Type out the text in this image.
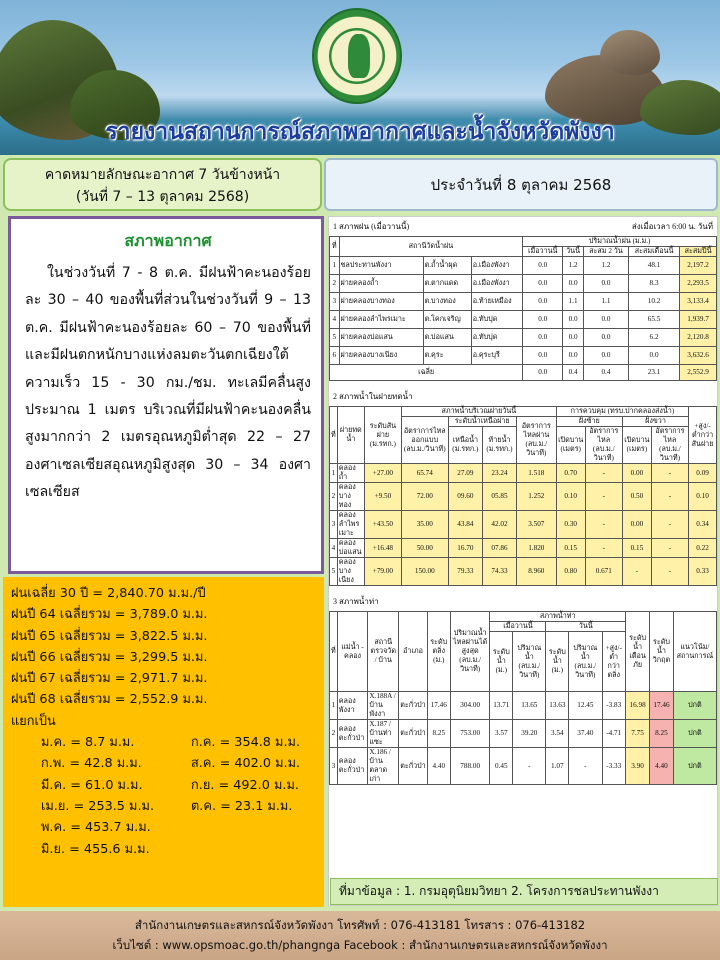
รายงานสถานการณ์สภาพอากาศและน้ำจังหวัดพังงา
คาดหมายลักษณะอากาศ 7 วันข้างหน้า
(วันที่ 7 – 13 ตุลาคม 2568)
ประจำวันที่ 8 ตุลาคม 2568
สภาพอากาศ
ในช่วงวันที่ 7 - 8 ต.ค. มีฝนฟ้าคะนองร้อยละ 30 – 40 ของพื้นที่ส่วนในช่วงวันที่ 9 – 13 ต.ค. มีฝนฟ้าคะนองร้อยละ 60 – 70 ของพื้นที่ และมีฝนตกหนักบางแห่งลมตะวันตกเฉียงใต้ ความเร็ว 15 - 30 กม./ชม. ทะเลมีคลื่นสูงประมาณ 1 เมตร บริเวณที่มีฝนฟ้าคะนองคลื่นสูงมากกว่า 2 เมตรอุณหภูมิต่ำสุด 22 – 27 องศาเซลเซียสอุณหภูมิสูงสุด 30 – 34 องศาเซลเซียส
ฝนเฉลี่ย 30 ปี = 2,840.70 ม.ม./ปี
ฝนปี 64 เฉลี่ยรวม = 3,789.0 ม.ม.
ฝนปี 65 เฉลี่ยรวม = 3,822.5 ม.ม.
ฝนปี 66 เฉลี่ยรวม = 3,299.5 ม.ม.
ฝนปี 67 เฉลี่ยรวม = 2,971.7 ม.ม.
ฝนปี 68 เฉลี่ยรวม = 2,552.9 ม.ม.
แยกเป็น
ม.ค. = 8.7 ม.ม.	ก.ค. = 354.8 ม.ม.
ก.พ. = 42.8 ม.ม.	ส.ค. = 402.0 ม.ม.
มี.ค. = 61.0 ม.ม.	ก.ย. = 492.0 ม.ม.
เม.ย. = 253.5 ม.ม.	ต.ค. = 23.1 ม.ม.
พ.ค. = 453.7 ม.ม.
มิ.ย. = 455.6 ม.ม.
1 สภาพฝน (เมื่อวานนี้)	ส่งเมื่อเวลา 6:00 น. วันที่
ที่	สถานีวัดน้ำฝน			ปริมาณน้ำฝน (ม.ม.)				
				เมื่อวานนี้	วันนี้	สะสม 2 วัน	สะสมเดือนนี้	สะสมปีนี้
1	ชลประทานพังงา	ต.ถ้ำน้ำผุด	อ.เมืองพังงา	0.0	1.2	1.2	48.1	2,197.2
2	ฝายคลองถ้ำ	ต.ตากแดด	อ.เมืองพังงา	0.0	0.0	0.0	8.3	2,293.5
3	ฝายคลองบางทอง	ต.บางทอง	อ.ท้ายเหมือง	0.0	1.1	1.1	10.2	3,133.4
4	ฝายคลองลำไพรเมาะ	ต.โคกเจริญ	อ.ทับปุด	0.0	0.0	0.0	65.5	1,939.7
5	ฝายคลองบ่อแสน	ต.บ่อแสน	อ.ทับปุด	0.0	0.0	0.0	6.2	2,120.8
6	ฝายคลองบางเนียง	ต.คุระ	อ.คุระบุรี	0.0	0.0	0.0	0.0	3,632.6
เฉลี่ย				0.0	0.4	0.4	23.1	2,552.9
2 สภาพน้ำในฝายทดน้ำ
ที่	ฝายทดน้ำ	ระดับสันฝาย (ม.รทก.)	สภาพน้ำบริเวณฝายวันนี้				การควบคุม (ทรบ.ปากคลองส่งน้ำ)				+สูง/-ต่ำกว่าสันฝาย
			อัตราการไหลออกแบบ (ลบ.ม./วินาที)	ระดับน้ำเหนือฝาย		อัตราการไหลผ่าน (ลบ.ม./วินาที)	ฝั่งซ้าย		ฝั่งขวา		
				เหนือน้ำ (ม.รทก.)	ท้ายน้ำ (ม.รทก.)		เปิดบาน (เมตร)	อัตราการไหล (ลบ.ม./วินาที)	เปิดบาน (เมตร)	อัตราการไหล (ลบ.ม./วินาที)	
1	คลองถ้ำ	+27.00	65.74	27.09	23.24	1.518	0.70	-	0.00	-	0.09
2	คลองบางทอง	+9.50	72.00	09.60	05.85	1.252	0.10	-	0.50	-	0.10
3	คลองลำไพรเมาะ	+43.50	35.00	43.84	42.02	3.507	0.30	-	0.00	-	0.34
4	คลองบ่อแสน	+16.48	50.00	16.70	07.86	1.820	0.15	-	0.15	-	0.22
5	คลองบางเนียง	+79.00	150.00	79.33	74.33	8.960	0.80	0.671	-	-	0.33
3 สภาพน้ำท่า
ที่	แม่น้ำ - คลอง	สถานีตรวจวัด / บ้าน	อำเภอ	ระดับตลิ่ง (ม.)	ปริมาณน้ำไหลผ่านได้สูงสุด (ลบ.ม./วินาที)	สภาพน้ำท่า					ระดับน้ำเตือนภัย	ระดับน้ำวิกฤต	แนวโน้ม/สถานการณ์
						เมื่อวานนี้		วันนี้					
						ระดับน้ำ (ม.)	ปริมาณน้ำ (ลบ.ม./วินาที)	ระดับน้ำ (ม.)	ปริมาณน้ำ (ลบ.ม./วินาที)	+สูง/-ต่ำกว่าตลิ่ง			
1	คลองพังงา	X.188A / บ้านพังงา	ตะกั่วป่า	17.46	304.00	13.71	13.65	13.63	12.45	-3.83	16.98	17.46	ปกติ
2	คลองตะกั่วป่า	X.187 / บ้านท่าแซะ	ตะกั่วป่า	8.25	753.00	3.57	39.20	3.54	37.40	-4.71	7.75	8.25	ปกติ
3	คลองตะกั่วป่า	X.186 / บ้านตลาดเก่า	ตะกั่วป่า	4.40	788.00	0.45	-	1.07	-	-3.33	3.90	4.40	ปกติ
ที่มาข้อมูล : 1. กรมอุตุนิยมวิทยา 2. โครงการชลประทานพังงา
สำนักงานเกษตรและสหกรณ์จังหวัดพังงา โทรศัพท์ : 076-413181 โทรสาร : 076-413182
เว็บไซต์ : www.opsmoac.go.th/phangnga Facebook : สำนักงานเกษตรและสหกรณ์จังหวัดพังงา
